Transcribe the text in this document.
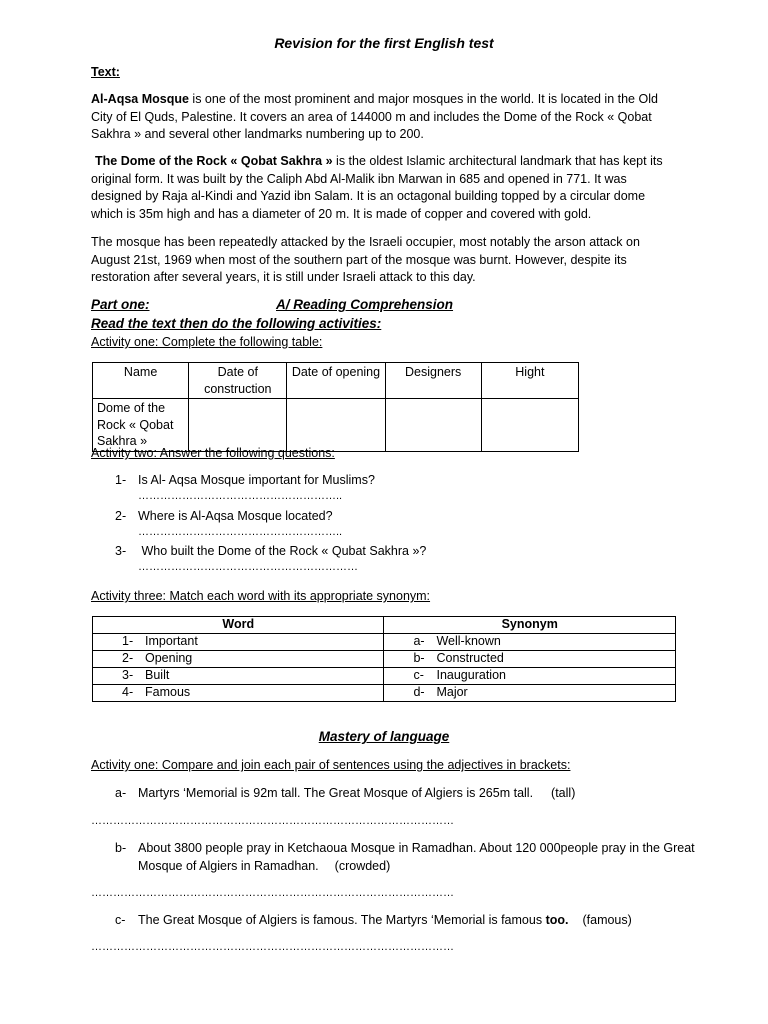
Revision for the first English test
Text:
Al-Aqsa Mosque is one of the most prominent and major mosques in the world. It is located in the Old City of El Quds, Palestine. It covers an area of 144000 m and includes the Dome of the Rock « Qobat Sakhra » and several other landmarks numbering up to 200.
The Dome of the Rock « Qobat Sakhra » is the oldest Islamic architectural landmark that has kept its original form. It was built by the Caliph Abd Al-Malik ibn Marwan in 685 and opened in 771. It was designed by Raja al-Kindi and Yazid ibn Salam. It is an octagonal building topped by a circular dome which is 35m high and has a diameter of 20 m. It is made of copper and covered with gold.
The mosque has been repeatedly attacked by the Israeli occupier, most notably the arson attack on August 21st, 1969 when most of the southern part of the mosque was burnt. However, despite its restoration after several years, it is still under Israeli attack to this day.
Part one:	A/ Reading Comprehension
Read the text then do the following activities:
Activity one: Complete the following table:
Name	Date of construction	Date of opening	Designers	Hight
Dome of the Rock « Qobat Sakhra »				
Activity two: Answer the following questions:
1- Is Al- Aqsa Mosque important for Muslims?
………………………………………………..
2- Where is Al-Aqsa Mosque located?
………………………………………………..
3- Who built the Dome of the Rock « Qubat Sakhra »?
……………………………………………………
Activity three: Match each word with its appropriate synonym:
Word	Synonym
1- Important	a- Well-known
2- Opening	b- Constructed
3- Built	c- Inauguration
4- Famous	d- Major
Mastery of language
Activity one: Compare and join each pair of sentences using the adjectives in brackets:
a- Martyrs ‘Memorial is 92m tall. The Great Mosque of Algiers is 265m tall. (tall)
………………………………………………………………………………………
b- About 3800 people pray in Ketchaoua Mosque in Ramadhan. About 120 000people pray in the Great Mosque of Algiers in Ramadhan. (crowded)
………………………………………………………………………………………
c- The Great Mosque of Algiers is famous. The Martyrs ‘Memorial is famous too. (famous)
………………………………………………………………………………………
